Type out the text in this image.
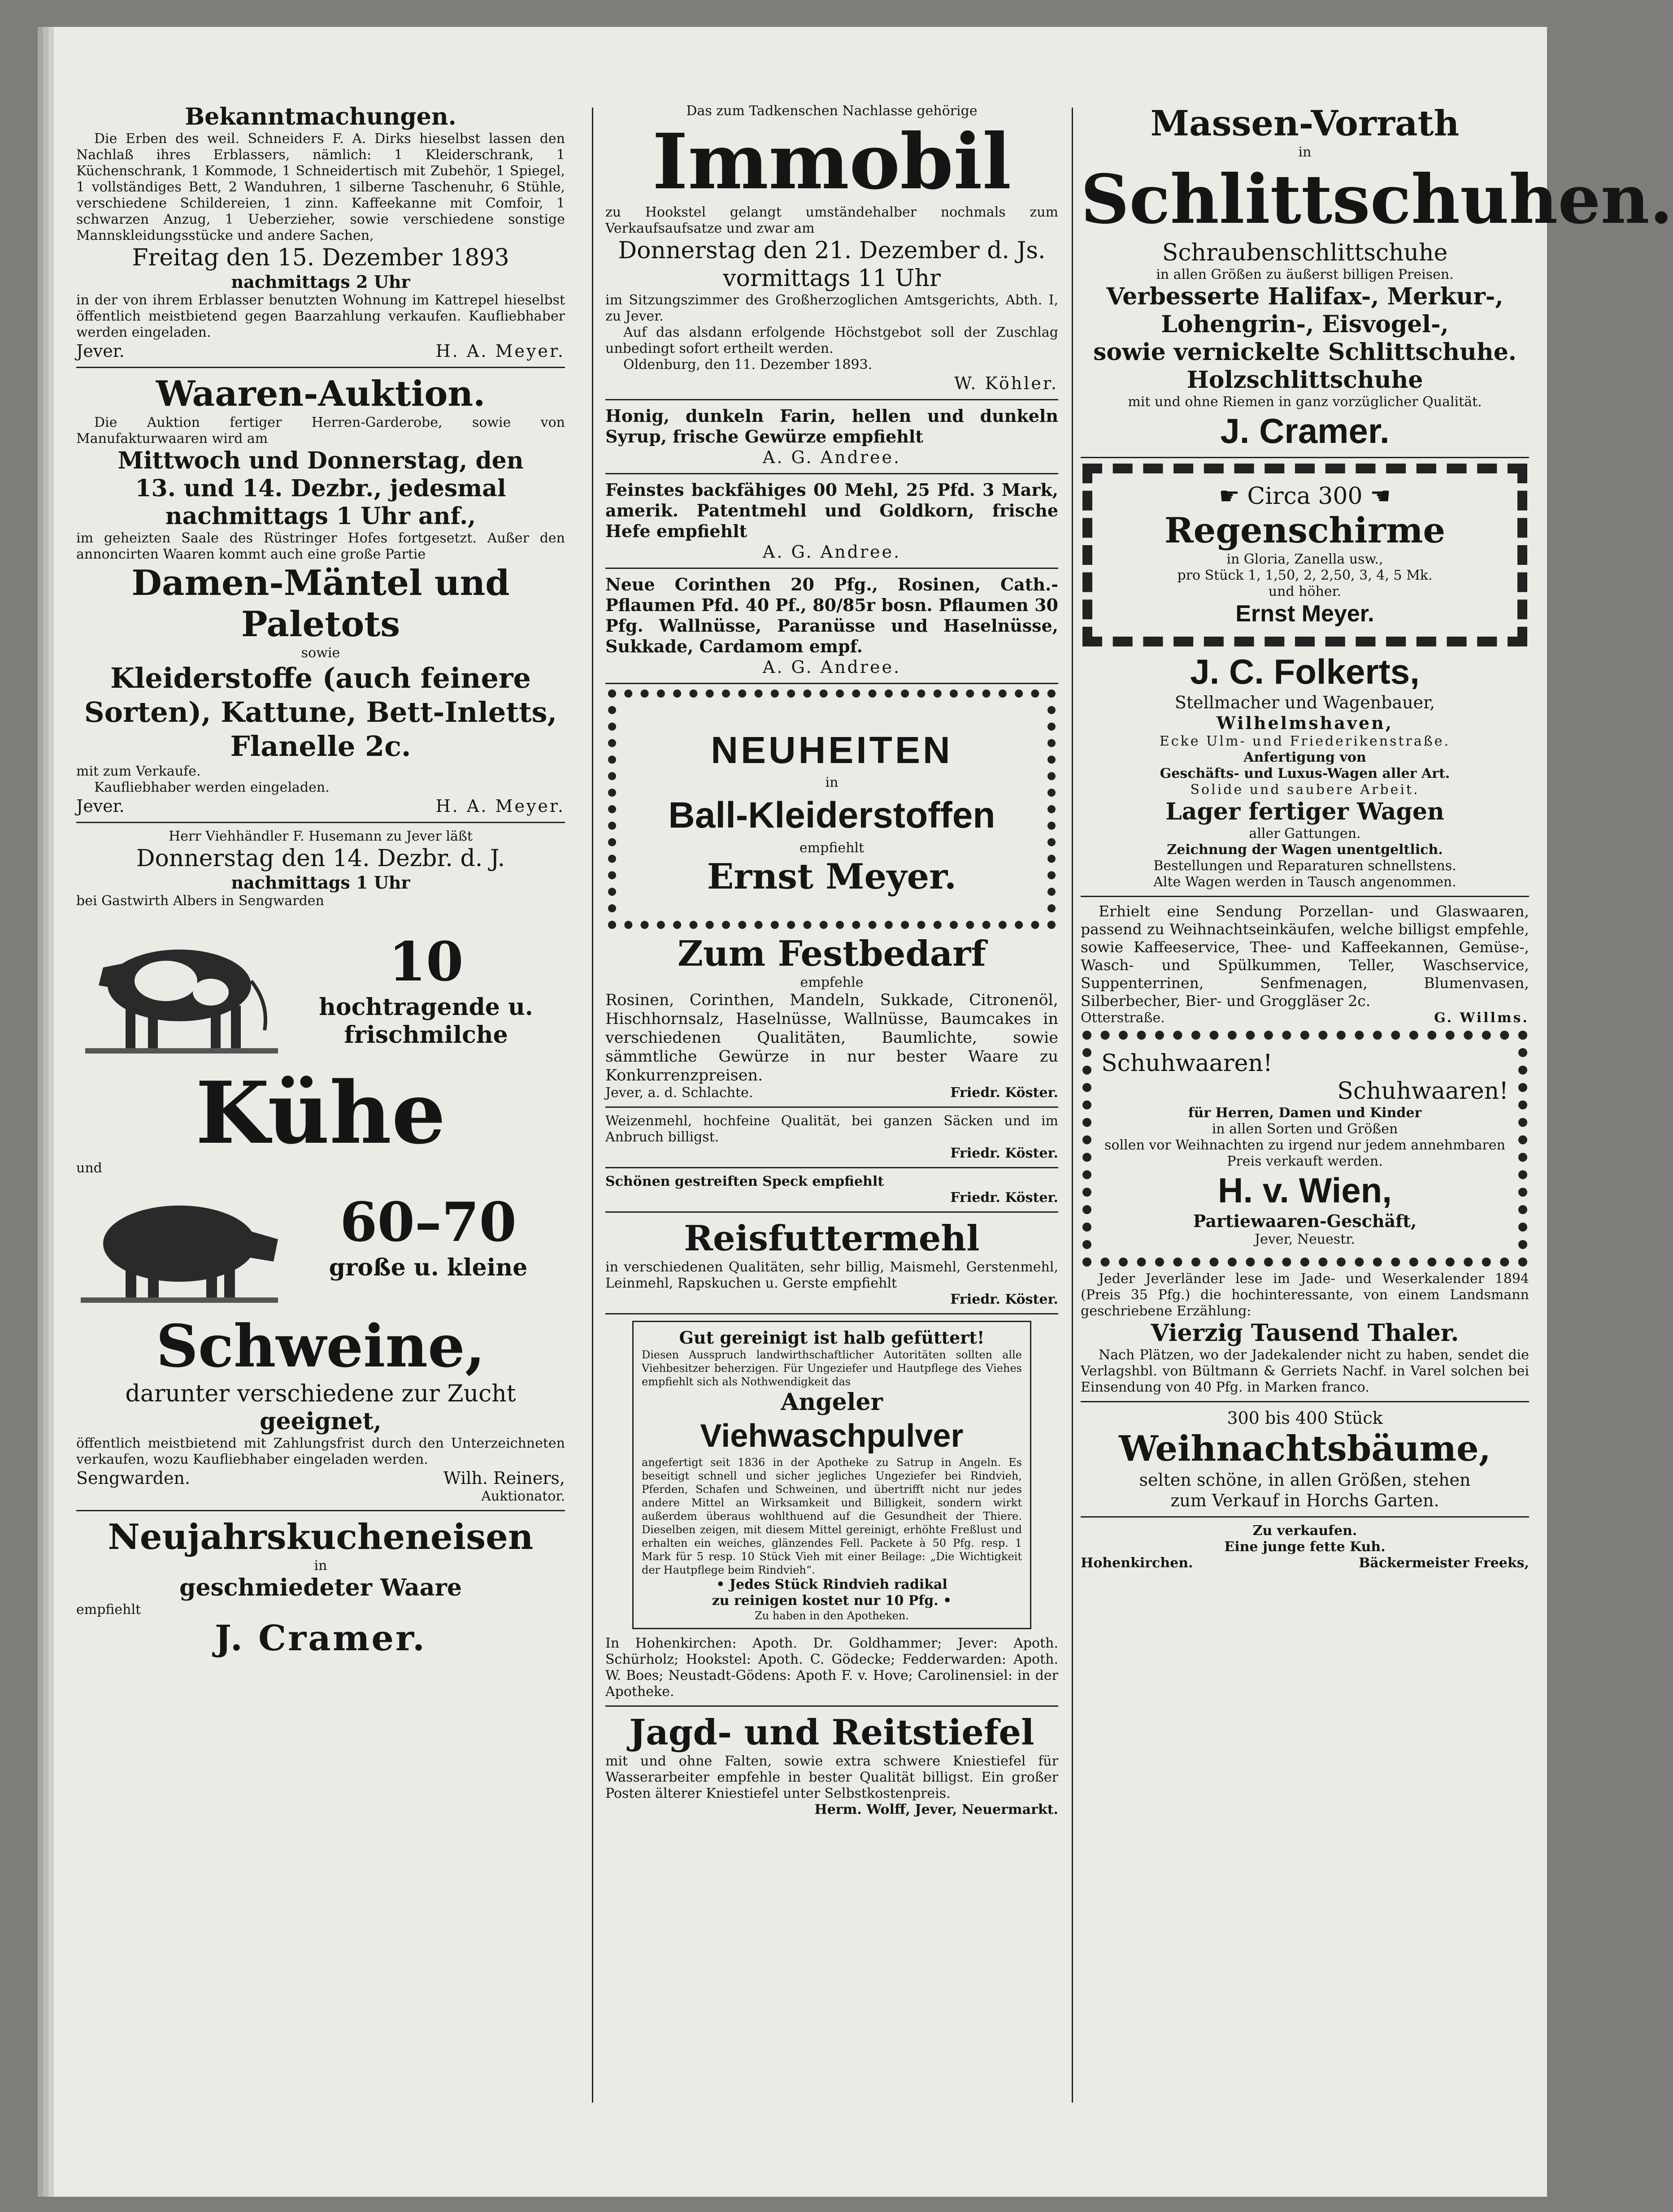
Bekanntmachungen.
Die Erben des weil. Schneiders F. A. Dirks hieselbst lassen den Nachlaß ihres Erblassers, nämlich: 1 Kleiderschrank, 1 Küchenschrank, 1 Kommode, 1 Schneidertisch mit Zubehör, 1 Spiegel, 1 vollständiges Bett, 2 Wanduhren, 1 silberne Taschenuhr, 6 Stühle, verschiedene Schildereien, 1 zinn. Kaffeekanne mit Comfoir, 1 schwarzen Anzug, 1 Ueberzieher, sowie verschiedene sonstige Mannskleidungsstücke und andere Sachen,
Freitag den 15. Dezember 1893
nachmittags 2 Uhr
in der von ihrem Erblasser benutzten Wohnung im Kattrepel hieselbst öffentlich meistbietend gegen Baarzahlung verkaufen. Kaufliebhaber werden eingeladen.
Jever.	H. A. Meyer.
Waaren-Auktion.
Die Auktion fertiger Herren-Garderobe, sowie von Manufakturwaaren wird am
Mittwoch und Donnerstag, den
13. und 14. Dezbr., jedesmal
nachmittags 1 Uhr anf.,
im geheizten Saale des Rüstringer Hofes fortgesetzt. Außer den annoncirten Waaren kommt auch eine große Partie
Damen-Mäntel und
Paletots
sowie
Kleiderstoffe (auch feinere Sorten), Kattune, Bett-Inletts, Flanelle 2c.
mit zum Verkaufe.
Kaufliebhaber werden eingeladen.
Jever.	H. A. Meyer.
Herr Viehhändler F. Husemann zu Jever läßt
Donnerstag den 14. Dezbr. d. J.
nachmittags 1 Uhr
bei Gastwirth Albers in Sengwarden
10
hochtragende u.
frischmilche
Kühe
und
60–70
große u. kleine
Schweine,
darunter verschiedene zur Zucht
geeignet,
öffentlich meistbietend mit Zahlungsfrist durch den Unterzeichneten verkaufen, wozu Kaufliebhaber eingeladen werden.
Sengwarden.	Wilh. Reiners,
Auktionator.
Neujahrskucheneisen
in
geschmiedeter Waare
empfiehlt
J. Cramer.
Das zum Tadkenschen Nachlasse gehörige
Immobil
zu Hookstel gelangt umständehalber nochmals zum Verkaufsaufsatze und zwar am
Donnerstag den 21. Dezember d. Js.
vormittags 11 Uhr
im Sitzungszimmer des Großherzoglichen Amtsgerichts, Abth. I, zu Jever.
Auf das alsdann erfolgende Höchstgebot soll der Zuschlag unbedingt sofort ertheilt werden.
Oldenburg, den 11. Dezember 1893.
W. Köhler.
Honig, dunkeln Farin, hellen und dunkeln Syrup, frische Gewürze empfiehlt
A. G. Andree.
Feinstes backfähiges 00 Mehl, 25 Pfd. 3 Mark, amerik. Patentmehl und Goldkorn, frische Hefe empfiehlt
A. G. Andree.
Neue Corinthen 20 Pfg., Rosinen, Cath.-Pflaumen Pfd. 40 Pf., 80/85r bosn. Pflaumen 30 Pfg. Wallnüsse, Paranüsse und Haselnüsse, Sukkade, Cardamom empf.
A. G. Andree.
NEUHEITEN
in
Ball-Kleiderstoffen
empfiehlt
Ernst Meyer.
Zum Festbedarf
empfehle
Rosinen, Corinthen, Mandeln, Sukkade, Citronenöl, Hischhornsalz, Haselnüsse, Wallnüsse, Baumcakes in verschiedenen Qualitäten, Baumlichte, sowie sämmtliche Gewürze in nur bester Waare zu Konkurrenzpreisen.
Jever, a. d. Schlachte.	Friedr. Köster.
Weizenmehl, hochfeine Qualität, bei ganzen Säcken und im Anbruch billigst.
Friedr. Köster.
Schönen gestreiften Speck empfiehlt
Friedr. Köster.
Reisfuttermehl
in verschiedenen Qualitäten, sehr billig, Maismehl, Gerstenmehl, Leinmehl, Rapskuchen u. Gerste empfiehlt
Friedr. Köster.
Gut gereinigt ist halb gefüttert!
Diesen Ausspruch landwirthschaftlicher Autoritäten sollten alle Viehbesitzer beherzigen. Für Ungeziefer und Hautpflege des Viehes empfiehlt sich als Nothwendigkeit das
Angeler
Viehwaschpulver
angefertigt seit 1836 in der Apotheke zu Satrup in Angeln. Es beseitigt schnell und sicher jegliches Ungeziefer bei Rindvieh, Pferden, Schafen und Schweinen, und übertrifft nicht nur jedes andere Mittel an Wirksamkeit und Billigkeit, sondern wirkt außerdem überaus wohlthuend auf die Gesundheit der Thiere. Dieselben zeigen, mit diesem Mittel gereinigt, erhöhte Freßlust und erhalten ein weiches, glänzendes Fell. Packete à 50 Pfg. resp. 1 Mark für 5 resp. 10 Stück Vieh mit einer Beilage: „Die Wichtigkeit der Hautpflege beim Rindvieh“.
• Jedes Stück Rindvieh radikal
zu reinigen kostet nur 10 Pfg. •
Zu haben in den Apotheken.
In Hohenkirchen: Apoth. Dr. Goldhammer; Jever: Apoth. Schürholz; Hookstel: Apoth. C. Gödecke; Fedderwarden: Apoth. W. Boes; Neustadt-Gödens: Apoth F. v. Hove; Carolinensiel: in der Apotheke.
Jagd- und Reitstiefel
mit und ohne Falten, sowie extra schwere Kniestiefel für Wasserarbeiter empfehle in bester Qualität billigst. Ein großer Posten älterer Kniestiefel unter Selbstkostenpreis.
Herm. Wolff, Jever, Neuermarkt.
Massen-Vorrath
in
Schlittschuhen.
Schraubenschlittschuhe
in allen Größen zu äußerst billigen Preisen.
Verbesserte Halifax-, Merkur-,
Lohengrin-, Eisvogel-,
sowie vernickelte Schlittschuhe.
Holzschlittschuhe
mit und ohne Riemen in ganz vorzüglicher Qualität.
J. Cramer.
☛ Circa 300 ☚
Regenschirme
in Gloria, Zanella usw.,
pro Stück 1, 1,50, 2, 2,50, 3, 4, 5 Mk.
und höher.
Ernst Meyer.
J. C. Folkerts,
Stellmacher und Wagenbauer,
Wilhelmshaven,
Ecke Ulm- und Friederikenstraße.
Anfertigung von
Geschäfts- und Luxus-Wagen aller Art.
Solide und saubere Arbeit.
Lager fertiger Wagen
aller Gattungen.
Zeichnung der Wagen unentgeltlich.
Bestellungen und Reparaturen schnellstens.
Alte Wagen werden in Tausch angenommen.
Erhielt eine Sendung Porzellan- und Glaswaaren, passend zu Weihnachtseinkäufen, welche billigst empfehle, sowie Kaffeeservice, Thee- und Kaffeekannen, Gemüse-, Wasch- und Spülkummen, Teller, Waschservice, Suppenterrinen, Senfmenagen, Blumenvasen, Silberbecher, Bier- und Groggläser 2c.
Otterstraße.	G. Willms.
Schuhwaaren!
Schuhwaaren!
für Herren, Damen und Kinder
in allen Sorten und Größen
sollen vor Weihnachten zu irgend nur jedem annehmbaren Preis verkauft werden.
H. v. Wien,
Partiewaaren-Geschäft,
Jever, Neuestr.
Jeder Jeverländer lese im Jade- und Weserkalender 1894 (Preis 35 Pfg.) die hochinteressante, von einem Landsmann geschriebene Erzählung:
Vierzig Tausend Thaler.
Nach Plätzen, wo der Jadekalender nicht zu haben, sendet die Verlagshbl. von Bültmann & Gerriets Nachf. in Varel solchen bei Einsendung von 40 Pfg. in Marken franco.
300 bis 400 Stück
Weihnachtsbäume,
selten schöne, in allen Größen, stehen
zum Verkauf in Horchs Garten.
Zu verkaufen.
Eine junge fette Kuh.
Hohenkirchen.	Bäckermeister Freeks,
